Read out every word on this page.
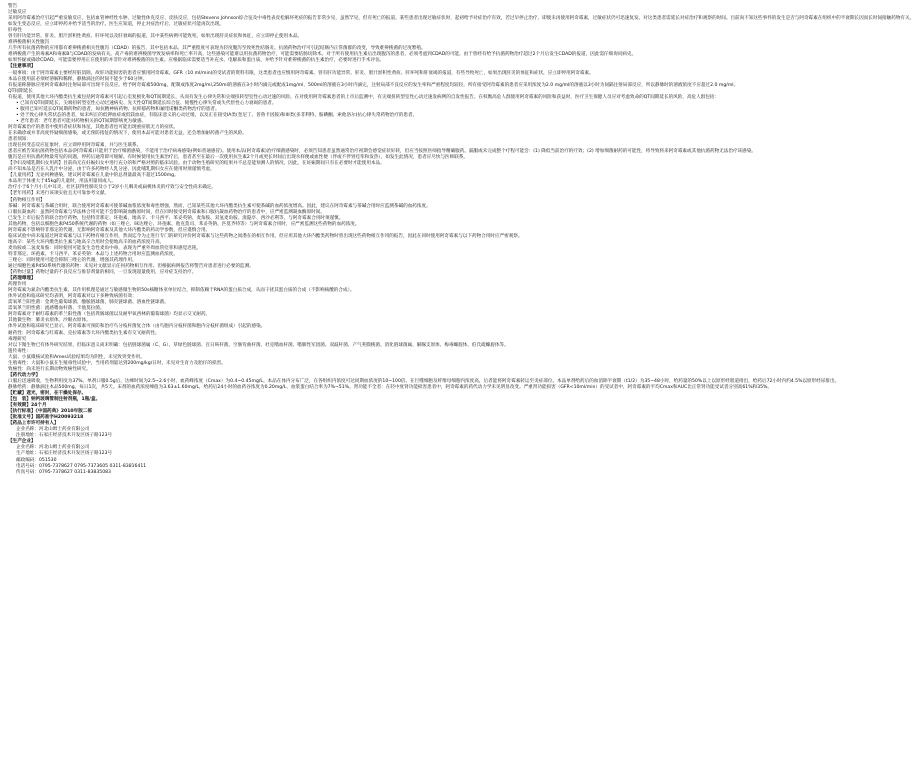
警告
过敏反应
采用阿奇霉素治疗引起严重发敏反应，包括血管神经性水肿、过敏性休克反应、皮肤反应，包括Stevens Johnson综合征及中毒性表皮松解坏死症的报告非常少见，虽然罕见，但有死亡的报道。某些患者出现过敏症状时，起初给予对症治疗有效，若过早停止治疗，即使未再使用阿奇霉素，过敏症状仍可迅速复发。对这类患者需延长对症治疗和观察的时间。目前尚不知这些事件的发生是否与阿奇霉素在组织中的半衰期长因而长时间接触药物有关。
如发生变态反应，应立即停药并给予适当的治疗。医生应知道，停止对症治疗后，过敏症状可能再次出现。
肝毒性
曾有肝功能异常、肝炎、胆汁淤积性黄疸、肝坏死以及肝衰竭的报道，其中某些病例可能致死。如果出现肝炎症状和体征，应立即停止使用本品。
难辨梭菌相关性腹泻
几乎所有抗菌药物的应用都有难辨梭菌相关性腹泻（CDAD）的报告，其中包括本品。其严重程度可表现为轻度腹泻至致死性结肠炎。抗菌药物治疗可引起结肠内正常菌群的改变，导致难辨梭菌的过度繁殖。
难辨梭菌产生的毒素A和毒素B与CDAD的发病有关。高产毒的难辨梭菌导致发病率和死亡率升高，这些感染可能难以用抗菌药物治疗，可能需要结肠切除术。对于所有使用抗生素后出现腹泻的患者，必须考虑到CDAD的可能。由于曾经有给予抗菌药物治疗超过2个月后发生CDAD的报道，因此需仔细询问病史。
如果怀疑或确诊CDAD，可能需要停用正在使用的并非针对难辨梭菌的抗生素。应根据临床需要适当补充水、电解质和蛋白质，并给予针对难辨梭菌的抗生素治疗，必要时进行手术评估。
【注意事项】
一般事项：由于阿奇霉素主要经肝脏消除，故肝功能损害的患者应慎用阿奇霉素。GFR（10 ml/min)的受试者的资料有限，这类患者也应慎用阿奇霉素。曾有肝功能异常、肝炎、胆汁淤积性黄疸、肝坏死和肝衰竭的报道，有些导致死亡，如果出现肝炎的体征和症状，应立即停用阿奇霉素。
本品在使用前必须经溶解和稀释，静脉滴注的时间不能少于60分钟。
有报道称静脉应用阿奇霉素时注射局部可出现不良反应。给予阿奇霉素500mg，配制成浓度2mg/ml,250ml的溶液在3小时内滴完或配成1mg/ml，500ml的溶液在3小时内滴完，注射局部不良反应的发生率和严重程度均较轻。所有接受阿奇霉素的患者应采用浓度为2.0 mg/ml的溶液以3小时为间隔注射局部反应，所以静脉时的溶液浓度不应超过2.0 mg/ml。
QT间期延长
有报道，使用其他大环内酯类抗生素包括阿奇霉素可引起心室复极化和QT间期延长，从而有发生心律失常和尖端扭转型室性心动过速的风险。在对使用阿奇霉素患者的上市后监测中，有尖端扭转型室性心动过速发病例的自发性报告。在权衡高危人群使用阿奇霉素的风险和获益时，医疗卫生保健人员应对考虑致命的QT间期延长的风险，高危人群包括：
• 已知有QT间期延长、尖端扭转型室性心动过速病史、先天性QT间期延长综合征、缓慢性心律失常或失代偿性心力衰竭的患者。
• 服用已知可延长QT间期药物的患者，如抗精神病药物、抗抑郁药物和氟喹诺酮类药物治疗的患者。
• 处于致心律失常状态的患者，如未纠正的低钾血症或低镁血症，有临床意义的心动过缓，以及正在接受IA类(奎尼丁、普鲁卡因胺)和III类(多非利特、胺碘酮、索他洛尔)抗心律失常药物治疗的患者。
• 老年患者：老年患者可能对药物相关的QT间期影响更为敏感。
阿奇霉素治疗的患者中使用者症状和体征，其他患者也可能出现重症肌无力的症状。
在未确诊或并非高度怀疑细菌感染，或无预防指征的情况下，使用本品可能对患者无益，还会增加耐药菌产生的风险。
患者须知：
出现任何变态反应征象时，应立即停用阿奇霉素，并与医生联系。
患者应被告知抗菌药物包括本品(阿奇霉素)只能用于治疗细菌感染，不能用于治疗病毒感染(例如普通感冒)。使用本品(阿奇霉素)治疗细菌感染时，必须告知患者虽然通常治疗初期会感觉症状好转，但应当按照医师指导精确服药。漏服或未完成整个疗程可能会：(1) 降低当前治疗的疗效；(2) 增加细菌耐药的可能性，将导致将来阿奇霉素或其他抗菌药物无法治疗该感染。
腹泻是应用抗菌药物最常见的问题，停药后通常即可缓解。有时候使用抗生素治疗后，患者甚至在最后一次使用抗生素2个月或更长时间后出现水样便或血性便（伴或不伴胃痉挛和发热），如发生此情况，患者应尽快与医师联系。
【孕妇及哺乳期妇女用药】目前尚无在妊娠妇女中进行充分的和严格对照的临床试验。由于动物生殖研究的结果并不总是能预测人的情况，因此，在妊娠期间只有在必要时才能使用本品。
尚不知本品是否在人乳汁中分泌，由于许多药物经人乳分泌，因此哺乳期妇女应在使用时须谨慎考虑。
【儿童用药】无论何种感染，建议阿奇霉素在儿童中的总剂量最高不超过1500mg。
本品用于体重大于45kg的儿童时，用法用量同成人。
治疗小于6个月小儿中耳炎、社区获得性肺炎及小于2岁小儿咽炎或扁桃体炎的疗效与安全性尚未确定。
【老年用药】未进行该项实验且无可靠参考文献。
【药物相互作用】
茶碱：阿奇霉素与茶碱合用时，联合使用阿奇霉素可使茶碱血浆浓度和毒性增强，然而，已知某些其他大环内酯类抗生素可使茶碱的血药浓度增高。因此，建议在阿奇霉素与茶碱合用时应监测茶碱的血药浓度。
口服抗凝血药：虽然阿奇霉素与华法林合用可能不会影响凝血酶原时间，但在同时接受阿奇霉素和口服抗凝血药物治疗的患者中，应严密监测凝血酶原时间。
已发生上市后报告的联合治疗药物，包括特非那定、环孢素、地高辛、卡马西平、苯妥英钠、麦角胺、双氢麦角胺、溴隐亭、西沙必利等，与阿奇霉素合用时须谨慎。
其他药物，包括以细胞色素P450系统代谢的药物（如三唑仑、咪达唑仑、环孢素、他克莫司、苯妥英钠、匹莫齐特等）与阿奇霉素合用时，应严密监测这些药物的血药浓度。
阿奇霉素不影响特非那定的代谢，无影响阿奇霉素及其他大环内酯类的药动学参数，但应谨慎合用。
临床试验中尚未报道过阿奇霉素与以下药物有相互作用，然而迄今为止进行专门的研究评价阿奇霉素与这些药物之间潜在的相互作用。但应用其他大环内酯类药物时曾出现这些药物相互作用的报告，因此在同时使用阿奇霉素与以下药物合用时应严密观察。
地高辛：某些大环内酯类抗生素与地高辛合用时会使地高辛的血药浓度升高。
麦角胺或二氢麦角胺：同时使用可能发生急性麦角中毒，表现为严重外周血管痉挛和感觉迟钝。
特非那定、环孢素、卡马西平、苯妥英钠：本品与上述药物合用时应监测血药浓度。
三唑仑：同时使用可能会抑制三唑仑的代谢，增强其药理作用。
通过细胞色素P450系统代谢的药物：未见对文献显示任何药物相互作用。但根据病例报告将警告对患者进行必要的监测。
【药物过量】药物过量的不良反应与推荐剂量的相同，一旦发现超量使用，应对症支持治疗。
【药理毒理】
药理作用
阿奇霉素为氮杂内酯类抗生素，其作用机理是通过与敏感微生物的50s核糖体亚单位结合，抑制依赖于RNA的蛋白质合成，从而干扰其蛋白质的合成（不影响核酸的合成）。
体外试验和临床研究均表明，阿奇霉素对以下多种致病菌有效：
需氧革兰阳性菌：金黄色葡萄球菌、酿脓链球菌、肺炎链球菌、溶血性链球菌。
需氧革兰阴性菌：流感嗜血杆菌、卡他莫拉菌。
阿奇霉素对于耐红霉素的革兰阳性菌（包括粪肠球菌以及耐甲氧西林的葡萄球菌）均显示交叉耐药。
其他微生物：肺炎衣原体、沙眼衣原体。
体外试验和临床研究已显示，阿奇霉素可预防和治疗鸟分枝杆菌复合体（由鸟胞内分枝杆菌和胞内分枝杆菌组成）引起的感染。
耐药性：阿奇霉素与红霉素、克拉霉素等大环内酯类抗生素有交叉耐药性。
毒理研究
对以下微生物已有体外研究结果，但临床意义尚未明确：包括链球菌属（C、G）、草绿色链球菌、百日咳杆菌、空肠弯曲杆菌、杜克嗜血杆菌、嗜肺性军团菌、双歧杆菌、产气荚膜梭菌、消化链球菌属、解脲支原体、梅毒螺旋体、伯氏疏螺旋体等。
遗传毒性：
大鼠、小鼠微核试验和Ames试验结果均为阴性，未见致突变作用。
生殖毒性：大鼠和小鼠在生殖毒性试验中，当用药剂量达到200mg/kg/日时，未见对生育力及胎仔的损害。
致癌性：尚未进行长期动物致癌性研究。
【药代动力学】
口服后迅速吸收，生物利用度为37%。单剂口服0.5g后，达峰时间为2.5~2.6小时，血药峰浓度（Cmax）为0.4~0.45mg/L。本品在体内分布广泛，在各组织内浓度可达同期血浓度的10~100倍。在巨噬细胞及纤维母细胞内浓度高，后者能将阿奇霉素转运至炎症部位。本品单剂给药后的血消除半衰期（t1/2）为35~48小时，给药量的50%以上以原形经胆道排出，给药后72小时内约4.5%以原形经尿排出。
静脉给药：静脉滴注本品500mg，每日1次，共5天。末剂的血药浓度峰值为3.63±1.60mg/L，给药后24小时的血药谷浓度为0.20mg/L，血浆蛋白结合率为7%~51%。肾功能不全者：在轻中度肾功能损害患者中，阿奇霉素的药代动力学未见明显改变。严重肾功能损害（GFR<10ml/min）的受试者中，阿奇霉素的平均Cmax和AUC比正常肾功能受试者分别高61%和35%。
【贮藏】遮光，密封，在干燥处保存。
【包　装】钠钙玻璃管制注射剂瓶，1瓶/盒。
【有效期】24个月
【执行标准】《中国药典》2010年版二部
【批准文号】国药准字H20093218
【药品上市许可持有人】
企业名称：河北山姆士药业有限公司
注册地址：石家庄经济技术开发区扬子路123号
【生产企业】
企业名称：河北山姆士药业有限公司
生产地址：石家庄经济技术开发区扬子路123号
邮政编码：051530
电话号码：0795-7378627 0795-7373605 0311-83816411
传真号码：0795-7378627 0311-83835083
